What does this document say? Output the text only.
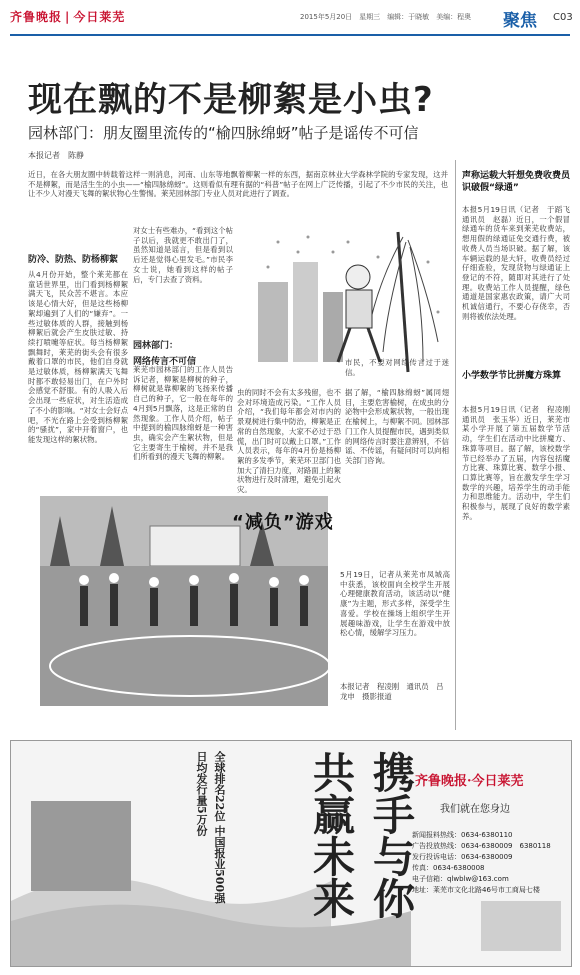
齐鲁晚报 | 今日莱芜	2015年5月20日　 星期三　 编辑：于晓敏　 美编：程奥 聚焦 C03
现在飘的不是柳絮是小虫?
园林部门：朋友圈里流传的“榆四脉绵蚜”帖子是谣传不可信
本报记者　陈静
近日，在各大朋友圈中转载着这样一则消息，河南、山东等地飘着柳絮一样的东西，据南京林业大学森林学院的专家发现，这并不是柳絮，而是活生生的小虫——“榆四脉绵蚜”。这则看似有理有据的“科普”帖子在网上广泛传播，引起了不少市民的关注，也让不少人对漫天飞舞的絮状物心生警惕。莱芜园林部门专业人员对此进行了调查。
防冷、防热、防杨柳絮
从4月份开始，整个莱芜都在童话世界里，出门看到杨柳絮满天飞，民众苦不堪言。本应该是心情大好，但是这些杨柳絮却遍到了人们的“嫌弃”。一些过敏体质的人群，接触到杨柳絮后就会产生皮肤过敏、持续打喷嚏等症状。每当杨柳絮飘舞时，莱芜的街头会有很多戴着口罩的市民，他们自身就是过敏体质，杨柳絮满天飞舞时都不敢轻易出门，在户外时会感觉不舒服。有的人吸入后会出现一些症状，对生活造成了不小的影响。“对女士会好点吧，不光在路上会受到杨柳絮的“骚扰”，家中开着窗户，也能发现这样的絮状物。
对女士有些难办，“看到这个帖子以后，我就更不敢出门了，虽然知道是谣言，但是看到以后还是觉得心里发毛。”市民李女士说，她看到这样的帖子后，专门去查了资料。
园林部门：
网络传言不可信
莱芜市园林部门的工作人员告诉记者，柳絮是柳树的种子，柳树就是靠柳絮的飞扬来传播自己的种子，它一般在每年的4月到5月飘落，这是正常的自然现象。工作人员介绍，帖子中提到的榆四脉绵蚜是一种害虫，确实会产生絮状物，但是它主要寄生于榆树，并不是我们所看到的漫天飞舞的柳絮。
虫的同时不会有太多残留，也不会对环境造成污染。“工作人员介绍，“我们每年都会对市内的景观树进行集中防治，柳絮是正常的自然现象，大家不必过于恐慌，出门时可以戴上口罩。”工作人员表示，每年的4月份是杨柳絮的多发季节，莱芜环卫部门也加大了清扫力度，对路面上的絮状物进行及时清理，避免引起火灾。
市民，不要对网络传言过于迷信。
据了解，“榆四脉绵蚜”属同翅目，主要危害榆树，在成虫的分泌物中会形成絮状物，一般出现在榆树上，与柳絮不同。园林部门工作人员提醒市民，遇到类似的网络传言时要注意辨别，不信谣、不传谣，有疑问时可以向相关部门咨询。
“减负”游戏
5月19日，记者从莱芜市凤城高中获悉，该校面向全校学生开展心理健康教育活动，该活动以“健康”为主题，形式多样，深受学生喜爱。学校在操场上组织学生开展趣味游戏，让学生在游戏中放松心情，缓解学习压力。
本报记者　程凌刚　通讯员　吕龙申　摄影报道
声称运载大轩想免费收费员识破假“绿通”
本报5月19日讯（记者　于蹈飞　通讯员　赵磊）近日，一个假冒绿通车的货车来到莱芜收费站，想用假的绿通证免交通行费，被收费人员当场识破。据了解，该车辆运载的是大轩，收费员经过仔细查验，发现货物与绿通证上登记的不符，随即对其进行了处理。收费站工作人员提醒，绿色通道是国家惠农政策，请广大司机诚信通行，不要心存侥幸，否则将被依法处理。
小学数学节比拼魔方珠算
本报5月19日讯（记者　程凌刚　通讯员　张玉华）近日，莱芜市某小学开展了第五届数学节活动，学生们在活动中比拼魔方、珠算等项目。据了解，该校数学节已经举办了五届，内容包括魔方比赛、珠算比赛、数学小报、口算比赛等，旨在激发学生学习数学的兴趣，培养学生的动手能力和思维能力。活动中，学生们积极参与，展现了良好的数学素养。
携手与你 共赢未来
全球排名22位 中国报业500强
日均发行量5万份	齐鲁晚报·今日莱芜
我们就在您身边
新闻报料热线：0634-6380110
广告投放热线：0634-6380009　6380118
发行投诉电话：0634-6380009
传真：0634-6380008
电子信箱：qlwblw@163.com
地址：莱芜市文化北路46号市工商局七楼
